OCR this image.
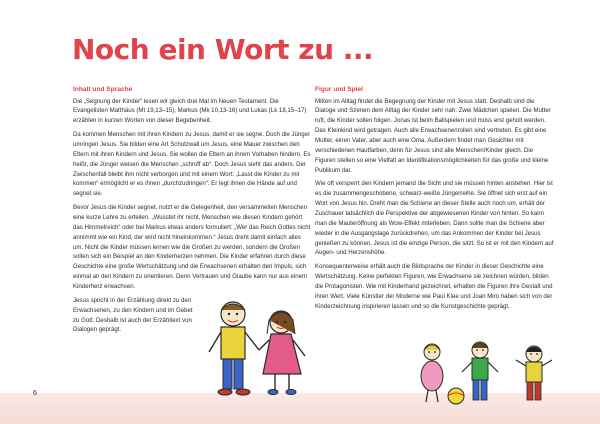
Noch ein Wort zu ...
Inhalt und Sprache

Die „Segnung der Kinder“ lesen wir gleich drei Mal im Neuen Testament. Die Evangelisten Matthäus (Mt 19,13–15), Markus (Mk 10,13-16) und Lukas (Lk 18,15–17) erzählen in kurzen Worten von dieser Begebenheit.

Da kommen Menschen mit ihren Kindern zu Jesus, damit er sie segne. Doch die Jünger umringen Jesus. Sie bilden eine Art Schutzwall um Jesus, eine Mauer zwischen den Eltern mit ihren Kindern und Jesus. Sie wollen die Eltern an ihrem Vorhaben hindern. Es heißt, die Jünger weisen die Menschen „schroff ab“. Doch Jesus sieht das anders. Der Zwischenfall bleibt ihm nicht verborgen und mit einem Wort: „Lasst die Kinder zu mir kommen“ ermöglicht er es ihnen „durchzudringen“. Er legt ihnen die Hände auf und segnet sie.

Bevor Jesus die Kinder segnet, nutzt er die Gelegenheit, den versammelten Menschen eine kurze Lehre zu erteilen. „Wusstet ihr nicht, Menschen wie diesen Kindern gehört das Himmelreich“ oder bei Markus etwas anders formuliert: „Wer das Reich Gottes nicht annimmt wie ein Kind, der wird nicht hineinkommen.“ Jesus dreht damit einfach alles um. Nicht die Kinder müssen lernen wie die Großen zu werden, sondern die Großen sollen sich ein Beispiel an den Kinderherzen nehmen. Die Kinder erfahren durch diese Geschichte eine große Wertschätzung und die Erwachsenen erhalten den Impuls, sich einmal an den Kindern zu orientieren. Denn Vertrauen und Glaube kann nur aus einem Kinderherz erwachsen.

Jesus spricht in der Erzählung direkt zu den Erwachsenen, zu den Kindern und im Gebet zu Gott. Deshalb ist auch der Erzähltext von Dialogen geprägt.

Figur und Spiel

Mitten im Alltag findet die Begegnung der Kinder mit Jesus statt. Deshalb sind die Dialoge und Szenen dem Alltag der Kinder sehr nah: Zwei Mädchen spielen. Die Mutter ruft, die Kinder sollen folgen. Jonas ist beim Ballspielen und muss erst geholt werden. Das Kleinkind wird getragen. Auch alle Erwachsenenrollen sind vertreten. Es gibt eine Mutter, einen Vater, aber auch eine Oma. Außerdem findet man Gesichter mit verschiedenen Hautfarben, denn für Jesus sind alle Menschen/Kinder gleich. Die Figuren stellen so eine Vielfalt an Identifikationsmöglichkeiten für das große und kleine Publikum dar.

Wie oft versperrt den Kindern jemand die Sicht und sie müssen hinten anstehen. Hier ist es die zusammengeschobene, schwarz-weiße Jüngerreihe. Sie öffnet sich erst auf ein Wort von Jesus hin. Dreht man die Schiene an dieser Stelle auch noch um, erhält der Zuschauer tatsächlich die Perspektive der abgewiesenen Kinder von hinten. So kann man die Mauteröffnung als Wow-Effekt miterleben. Dann sollte man die Schiene aber wieder in die Ausgangslage zurückdrehen, um das Ankommen der Kinder bei Jesus genießen zu können. Jesus ist die einzige Person, die sitzt. So ist er mit den Kindern auf Augen- und Herzenshöhe.

Konsequenterweise erhält auch die Bildsprache der Kinder in dieser Geschichte eine Wertschätzung. Keine perfekten Figuren, wie Erwachsene sie zeichnen würden, bilden die Protagonisten. Wie mit Kinderhand gezeichnet, erhalten die Figuren ihre Gestalt und ihren Wert. Viele Künstler der Moderne wie Paul Klee und Joan Miro haben sich von der Kinderzeichnung inspirieren lassen und so die Kunstgeschichte geprägt.

6
